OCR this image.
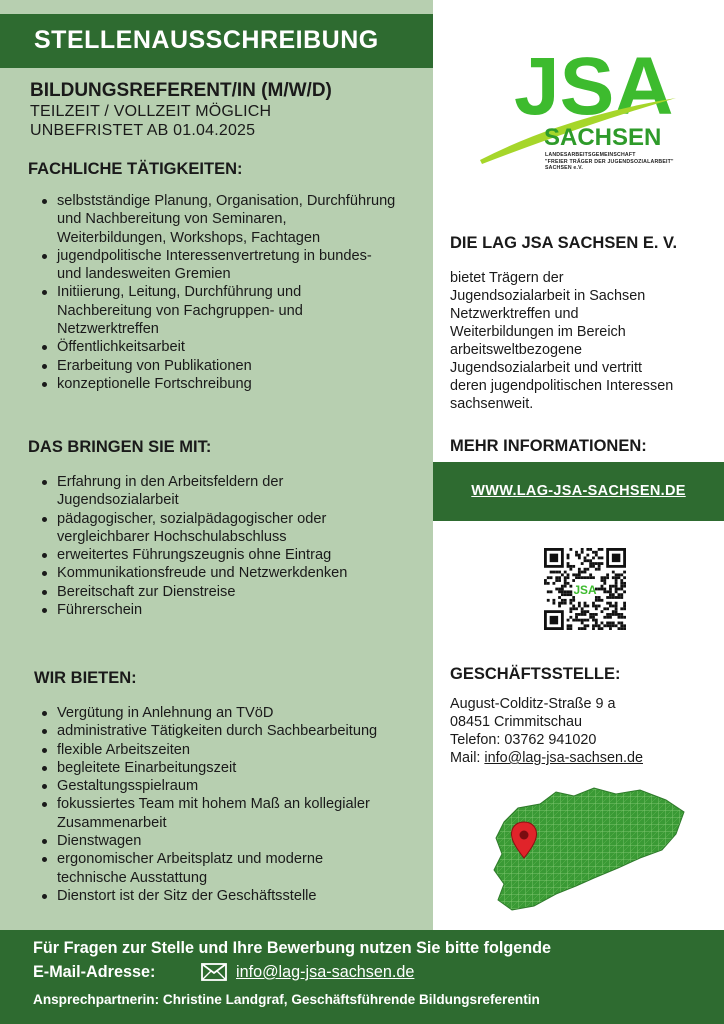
STELLENAUSSCHREIBUNG
BILDUNGSREFERENT/IN (M/W/D)
TEILZEIT / VOLLZEIT MÖGLICH
UNBEFRISTET AB 01.04.2025
FACHLICHE TÄTIGKEITEN:
selbstständige Planung, Organisation, Durchführung
und Nachbereitung von Seminaren,
Weiterbildungen, Workshops, Fachtagen
jugendpolitische Interessenvertretung in bundes-
und landesweiten Gremien
Initiierung, Leitung, Durchführung und
Nachbereitung von Fachgruppen- und
Netzwerktreffen
Öffentlichkeitsarbeit
Erarbeitung von Publikationen
konzeptionelle Fortschreibung
DAS BRINGEN SIE MIT:
Erfahrung in den Arbeitsfeldern der
Jugendsozialarbeit
pädagogischer, sozialpädagogischer oder
vergleichbarer Hochschulabschluss
erweitertes Führungszeugnis ohne Eintrag
Kommunikationsfreude und Netzwerkdenken
Bereitschaft zur Dienstreise
Führerschein
WIR BIETEN:
Vergütung in Anlehnung an TVöD
administrative Tätigkeiten durch Sachbearbeitung
flexible Arbeitszeiten
begleitete Einarbeitungszeit
Gestaltungsspielraum
fokussiertes Team mit hohem Maß an kollegialer
Zusammenarbeit
Dienstwagen
ergonomischer Arbeitsplatz und moderne
technische Ausstattung
Dienstort ist der Sitz der Geschäftsstelle
JSA
SACHSEN
LANDESARBEITSGEMEINSCHAFT
"FREIER TRÄGER DER JUGENDSOZIALARBEIT"
SACHSEN e.V.
DIE LAG JSA SACHSEN E. V.
bietet Trägern der
Jugendsozialarbeit in Sachsen
Netzwerktreffen und
Weiterbildungen im Bereich
arbeitsweltbezogene
Jugendsozialarbeit und vertritt
deren jugendpolitischen Interessen
sachsenweit.
MEHR INFORMATIONEN:
WWW.LAG-JSA-SACHSEN.DE
JSA
GESCHÄFTSSTELLE:
August-Colditz-Straße 9 a
08451 Crimmitschau
Telefon: 03762 941020
Mail: info@lag-jsa-sachsen.de
Für Fragen zur Stelle und Ihre Bewerbung nutzen Sie bitte folgende
E-Mail-Adresse:	info@lag-jsa-sachsen.de
Ansprechpartnerin: Christine Landgraf, Geschäftsführende Bildungsreferentin
